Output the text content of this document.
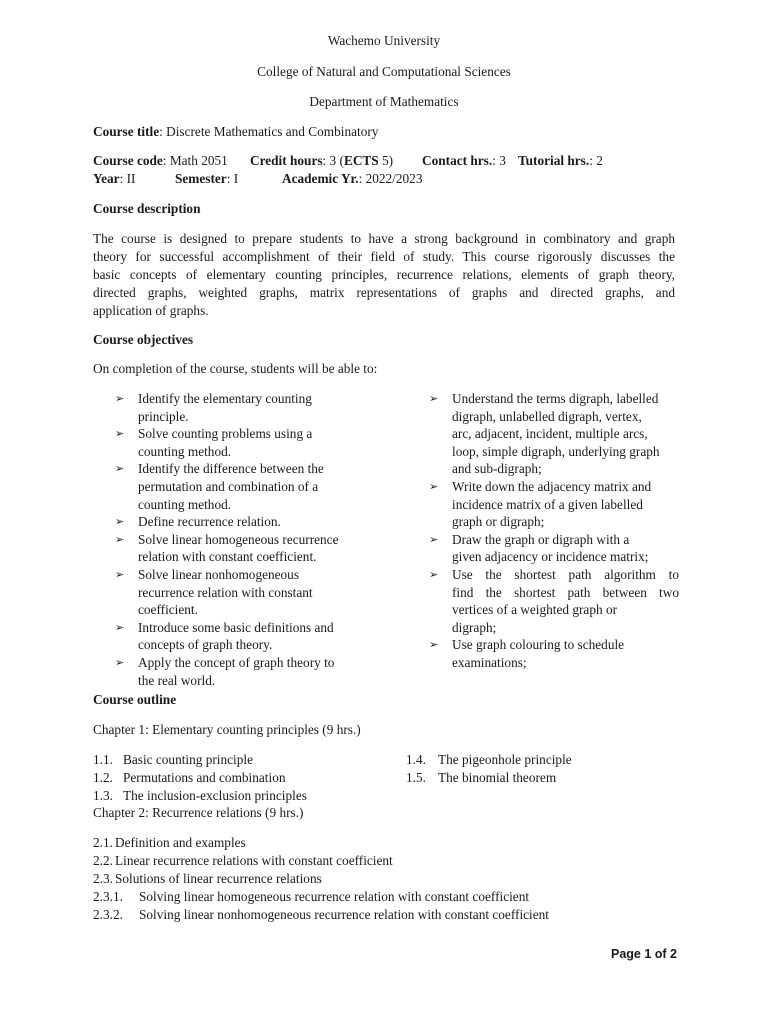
Wachemo University
College of Natural and Computational Sciences
Department of Mathematics
Course title: Discrete Mathematics and Combinatory
Course code: Math 2051 Credit hours: 3 (ECTS 5) Contact hrs.: 3 Tutorial hrs.: 2
Year: II	Semester: I	Academic Yr.: 2022/2023
Course description
The course is designed to prepare students to have a strong background in combinatory and graph
theory for successful accomplishment of their field of study. This course rigorously discusses the
basic concepts of elementary counting principles, recurrence relations, elements of graph theory,
directed graphs, weighted graphs, matrix representations of graphs and directed graphs, and
application of graphs.
Course objectives
On completion of the course, students will be able to:
➢ Identify the elementary counting
principle.
➢ Solve counting problems using a
counting method.
➢ Identify the difference between the
permutation and combination of a
counting method.
➢ Define recurrence relation.
➢ Solve linear homogeneous recurrence
relation with constant coefficient.
➢ Solve linear nonhomogeneous
recurrence relation with constant
coefficient.
➢ Introduce some basic definitions and
concepts of graph theory.
➢ Apply the concept of graph theory to
the real world.
➢ Understand the terms digraph, labelled
digraph, unlabelled digraph, vertex,
arc, adjacent, incident, multiple arcs,
loop, simple digraph, underlying graph
and sub-digraph;
➢ Write down the adjacency matrix and
incidence matrix of a given labelled
graph or digraph;
➢ Draw the graph or digraph with a
given adjacency or incidence matrix;
➢ Use the shortest path algorithm to
find the shortest path between two
vertices of a weighted graph or
digraph;
➢ Use graph colouring to schedule
examinations;
Course outline
Chapter 1: Elementary counting principles (9 hrs.)
1.1. Basic counting principle
1.2. Permutations and combination
1.3. The inclusion-exclusion principles
1.4. The pigeonhole principle
1.5. The binomial theorem
Chapter 2: Recurrence relations (9 hrs.)
2.1. Definition and examples
2.2. Linear recurrence relations with constant coefficient
2.3. Solutions of linear recurrence relations
2.3.1. Solving linear homogeneous recurrence relation with constant coefficient
2.3.2. Solving linear nonhomogeneous recurrence relation with constant coefficient
Page 1 of 2
